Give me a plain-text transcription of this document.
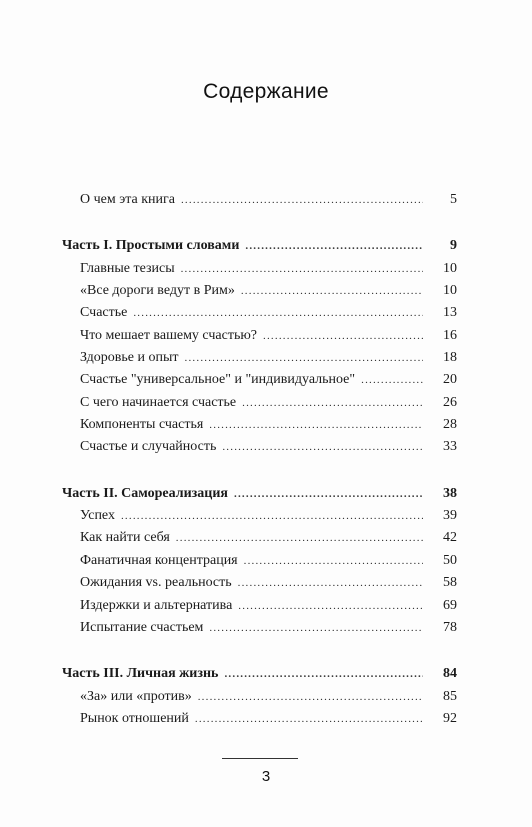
Содержание
О чем эта книга .....	5
Часть I. Простыми словами .....	9
Главные тезисы .....	10
«Все дороги ведут в Рим» .....	10
Счастье .....	13
Что мешает вашему счастью? .....	16
Здоровье и опыт .....	18
Счастье "универсальное" и "индивидуальное" .....	20
С чего начинается счастье .....	26
Компоненты счастья .....	28
Счастье и случайность .....	33
Часть II. Самореализация .....	38
Успех .....	39
Как найти себя .....	42
Фанатичная концентрация .....	50
Ожидания vs. реальность .....	58
Издержки и альтернатива .....	69
Испытание счастьем .....	78
Часть III. Личная жизнь .....	84
«За» или «против» .....	85
Рынок отношений .....	92
3
